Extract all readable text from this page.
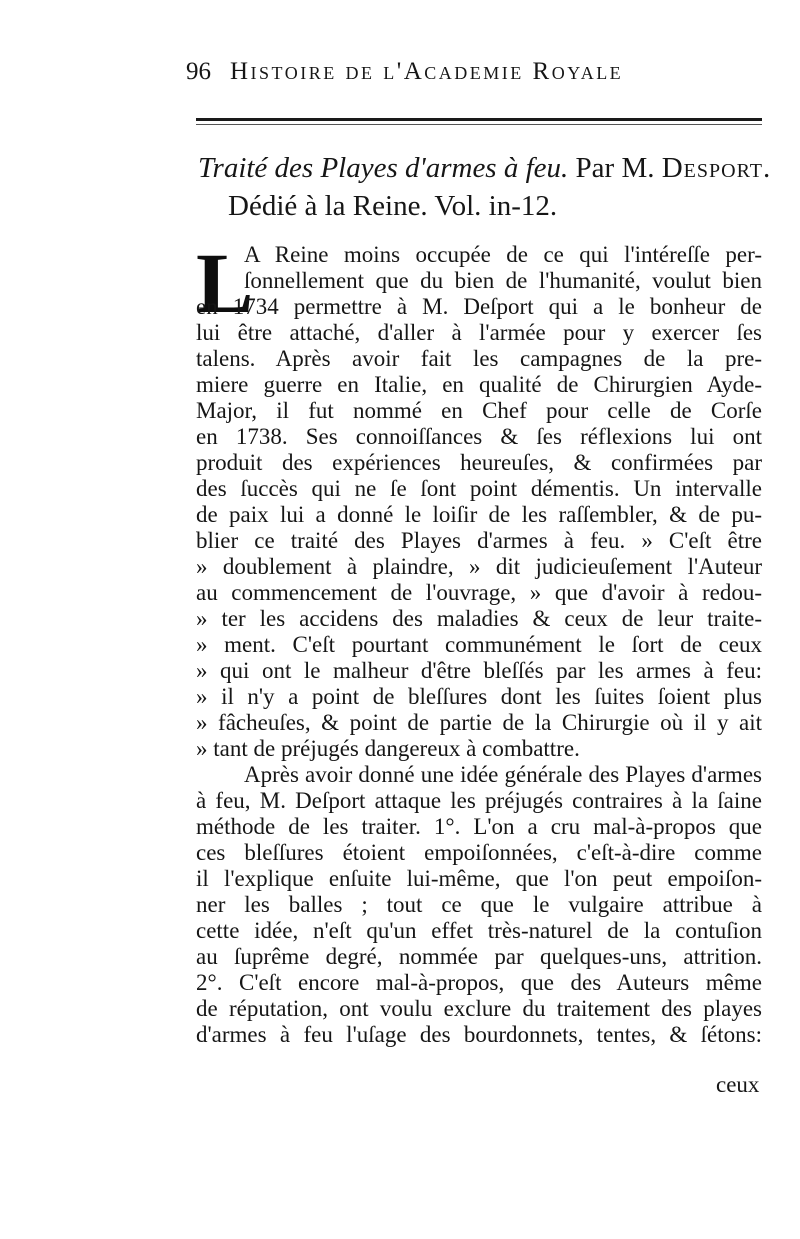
96 Histoire de l'Academie Royale
Traité des Playes d'armes à feu. Par M. Desport.
Dédié à la Reine. Vol. in-12.
L
A Reine moins occupée de ce qui l'intéreſſe per-
ſonnellement que du bien de l'humanité, voulut bien
en 1734 permettre à M. Deſport qui a le bonheur de
lui être attaché, d'aller à l'armée pour y exercer ſes
talens. Après avoir fait les campagnes de la pre-
miere guerre en Italie, en qualité de Chirurgien Ayde-
Major, il fut nommé en Chef pour celle de Corſe
en 1738. Ses connoiſſances & ſes réflexions lui ont
produit des expériences heureuſes, & confirmées par
des ſuccès qui ne ſe ſont point démentis. Un intervalle
de paix lui a donné le loiſir de les raſſembler, & de pu-
blier ce traité des Playes d'armes à feu. » C'eſt être
» doublement à plaindre, » dit judicieuſement l'Auteur
au commencement de l'ouvrage, » que d'avoir à redou-
» ter les accidens des maladies & ceux de leur traite-
» ment. C'eſt pourtant communément le ſort de ceux
» qui ont le malheur d'être bleſſés par les armes à feu:
» il n'y a point de bleſſures dont les ſuites ſoient plus
» fâcheuſes, & point de partie de la Chirurgie où il y ait
» tant de préjugés dangereux à combattre.
Après avoir donné une idée générale des Playes d'armes
à feu, M. Deſport attaque les préjugés contraires à la ſaine
méthode de les traiter. 1°. L'on a cru mal-à-propos que
ces bleſſures étoient empoiſonnées, c'eſt-à-dire comme
il l'explique enſuite lui-même, que l'on peut empoiſon-
ner les balles ; tout ce que le vulgaire attribue à
cette idée, n'eſt qu'un effet très-naturel de la contuſion
au ſuprême degré, nommée par quelques-uns, attrition.
2°. C'eſt encore mal-à-propos, que des Auteurs même
de réputation, ont voulu exclure du traitement des playes
d'armes à feu l'uſage des bourdonnets, tentes, & ſétons:
ceux
